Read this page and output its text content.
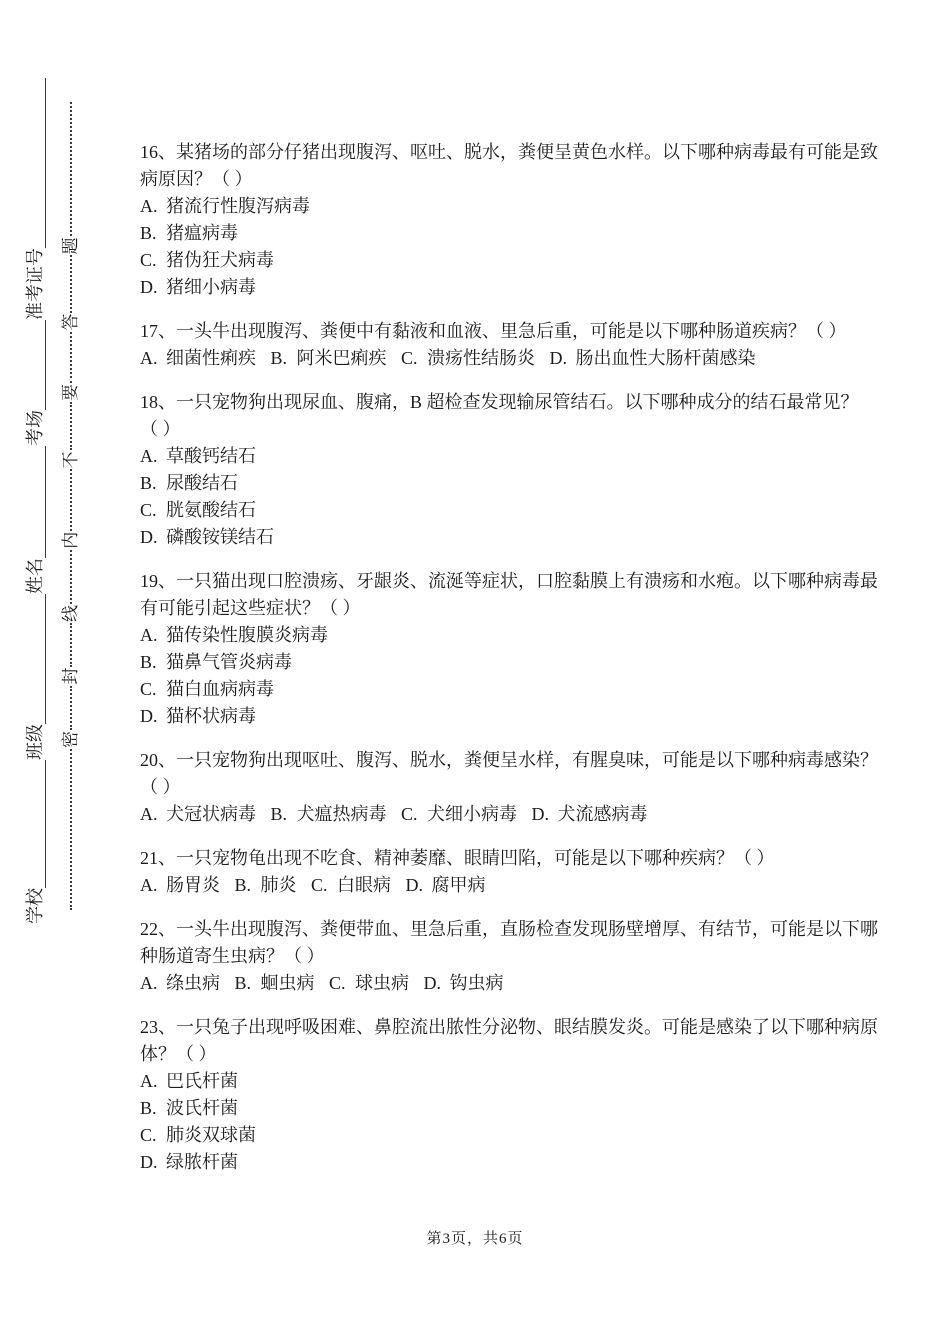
学校
班级
姓名
考场
准考证号
密
封
线
内
不
要
答
题
16、某猪场的部分仔猪出现腹泻、呕吐、脱水，粪便呈黄色水样。以下哪种病毒最有可能是致
病原因？（ ）
A. 猪流行性腹泻病毒
B. 猪瘟病毒
C. 猪伪狂犬病毒
D. 猪细小病毒
17、一头牛出现腹泻、粪便中有黏液和血液、里急后重，可能是以下哪种肠道疾病？（ ）
A. 细菌性痢疾 B. 阿米巴痢疾 C. 溃疡性结肠炎 D. 肠出血性大肠杆菌感染
18、一只宠物狗出现尿血、腹痛，B 超检查发现输尿管结石。以下哪种成分的结石最常见？
（ ）
A. 草酸钙结石
B. 尿酸结石
C. 胱氨酸结石
D. 磷酸铵镁结石
19、一只猫出现口腔溃疡、牙龈炎、流涎等症状，口腔黏膜上有溃疡和水疱。以下哪种病毒最
有可能引起这些症状？（ ）
A. 猫传染性腹膜炎病毒
B. 猫鼻气管炎病毒
C. 猫白血病病毒
D. 猫杯状病毒
20、一只宠物狗出现呕吐、腹泻、脱水，粪便呈水样，有腥臭味，可能是以下哪种病毒感染？
（ ）
A. 犬冠状病毒 B. 犬瘟热病毒 C. 犬细小病毒 D. 犬流感病毒
21、一只宠物龟出现不吃食、精神萎靡、眼睛凹陷，可能是以下哪种疾病？（ ）
A. 肠胃炎 B. 肺炎 C. 白眼病 D. 腐甲病
22、一头牛出现腹泻、粪便带血、里急后重，直肠检查发现肠壁增厚、有结节，可能是以下哪
种肠道寄生虫病？（ ）
A. 绦虫病 B. 蛔虫病 C. 球虫病 D. 钩虫病
23、一只兔子出现呼吸困难、鼻腔流出脓性分泌物、眼结膜发炎。可能是感染了以下哪种病原
体？（ ）
A. 巴氏杆菌
B. 波氏杆菌
C. 肺炎双球菌
D. 绿脓杆菌
第3页，共6页
